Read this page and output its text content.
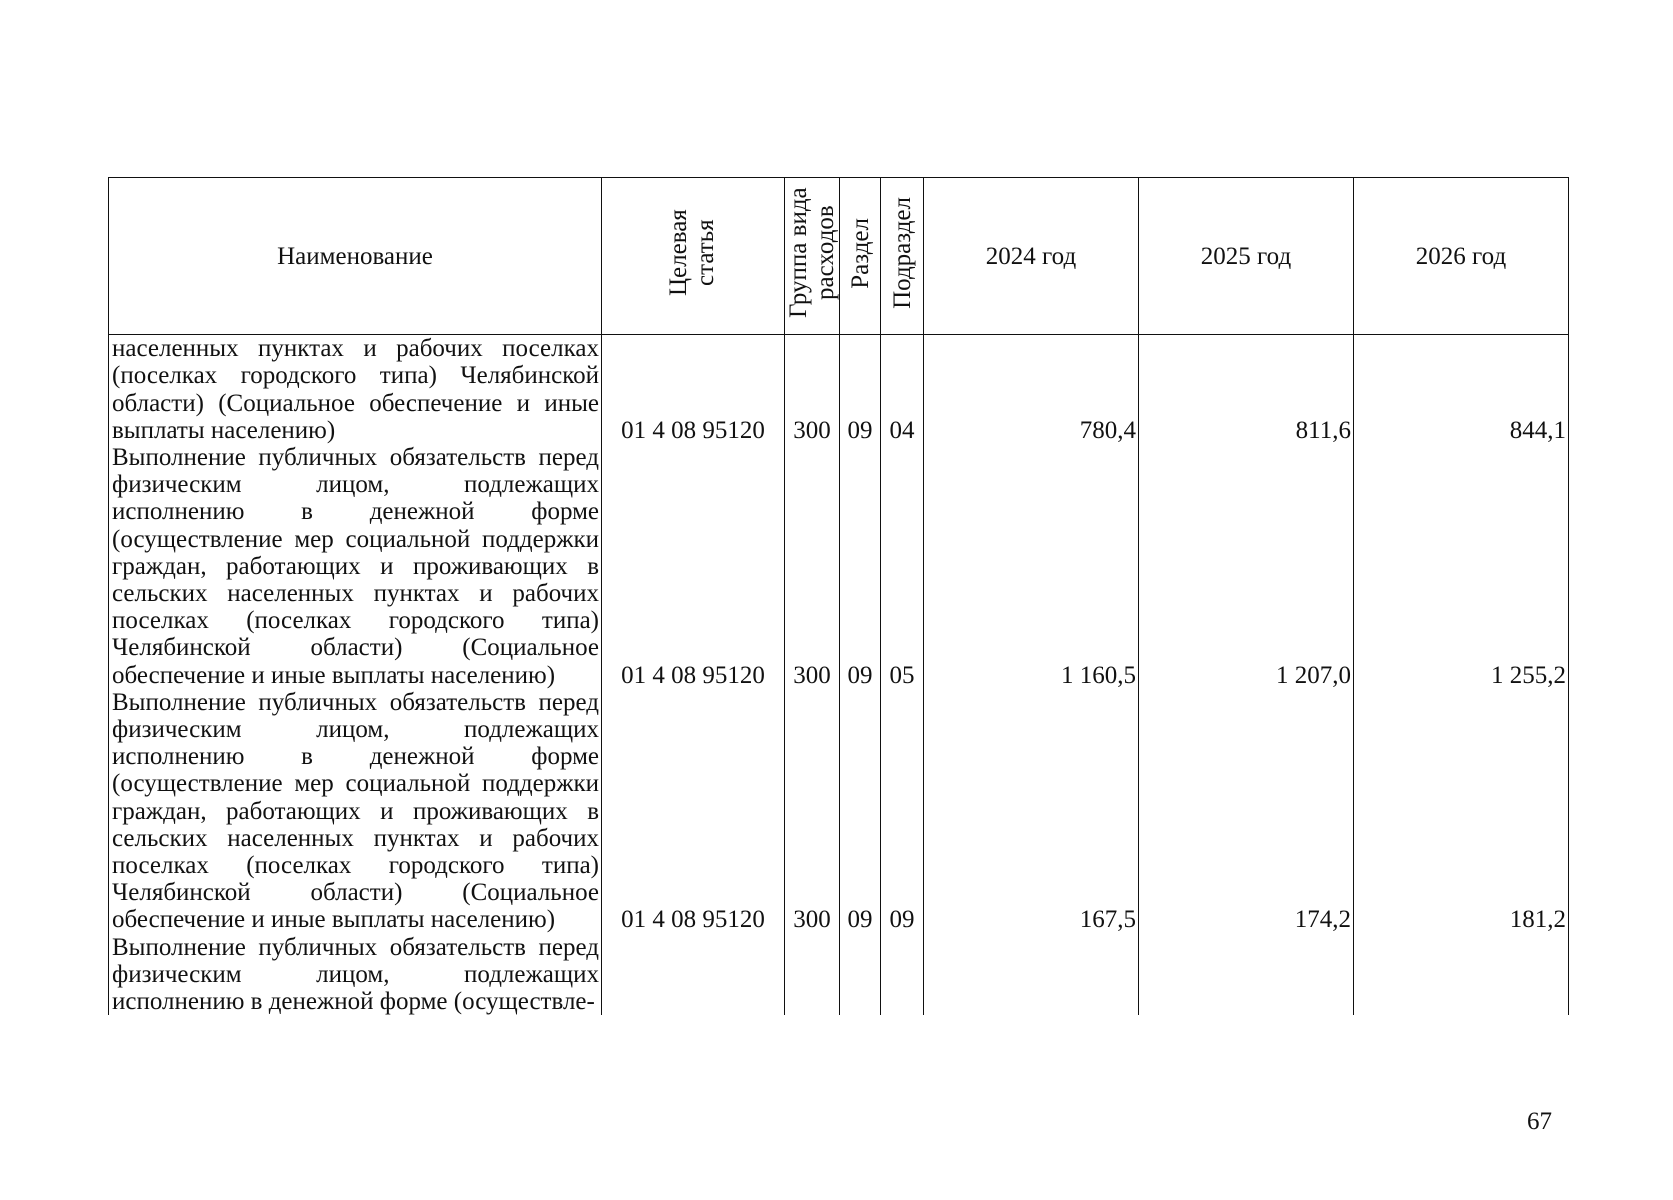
Наименование	Целевая статья	Группа вида расходов	Раздел	Подраздел	2024 год	2025 год	2026 год
населенных пунктах и рабочих поселках (поселках городского типа) Челябинской области) (Социальное обеспечение и иные выплаты населению)	01 4 08 95120	300	09	04	780,4	811,6	844,1
Выполнение публичных обязательств перед физическим лицом, подлежащих исполнению в денежной форме (осуществление мер социальной поддержки граждан, работающих и проживающих в сельских населенных пунктах и рабочих поселках (поселках городского типа) Челябинской области) (Социальное обеспечение и иные выплаты населению)	01 4 08 95120	300	09	05	1 160,5	1 207,0	1 255,2
Выполнение публичных обязательств перед физическим лицом, подлежащих исполнению в денежной форме (осуществление мер социальной поддержки граждан, работающих и проживающих в сельских населенных пунктах и рабочих поселках (поселках городского типа) Челябинской области) (Социальное обеспечение и иные выплаты населению)	01 4 08 95120	300	09	09	167,5	174,2	181,2
Выполнение публичных обязательств перед физическим лицом, подлежащих исполнению в денежной форме (осуществле-							
67
